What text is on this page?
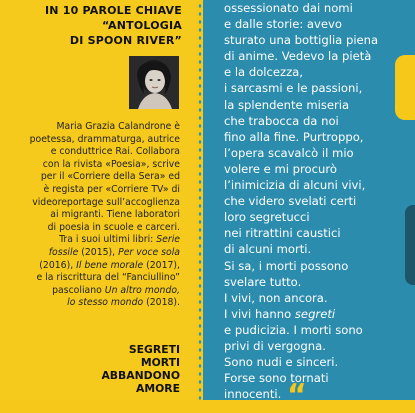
IN 10 PAROLE CHIAVE
“ANTOLOGIA
DI SPOON RIVER”
Maria Grazia Calandrone è
poetessa, drammaturga, autrice
e conduttrice Rai. Collabora
con la rivista «Poesia», scrive
per il «Corriere della Sera» ed
è regista per «Corriere TV» di
videoreportage sull’accoglienza
ai migranti. Tiene laboratori
di poesia in scuole e carceri.
Tra i suoi ultimi libri: Serie
fossile (2015), Per voce sola
(2016), Il bene morale (2017),
e la riscrittura del “Fanciullino”
pascoliano Un altro mondo,
lo stesso mondo (2018).
SEGRETI
MORTI
ABBANDONO
AMORE
ossessionato dai nomi
e dalle storie: avevo
sturato una bottiglia piena
di anime. Vedevo la pietà
e la dolcezza,
i sarcasmi e le passioni,
la splendente miseria
che trabocca da noi
fino alla fine. Purtroppo,
l’opera scavalcò il mio
volere e mi procurò
l’inimicizia di alcuni vivi,
che videro svelati certi
loro segretucci
nei ritrattini caustici
di alcuni morti.
Si sa, i morti possono
svelare tutto.
I vivi, non ancora.
I vivi hanno segreti
e pudicizia. I morti sono
privi di vergogna.
Sono nudi e sinceri.
Forse sono tornati
innocenti. “
